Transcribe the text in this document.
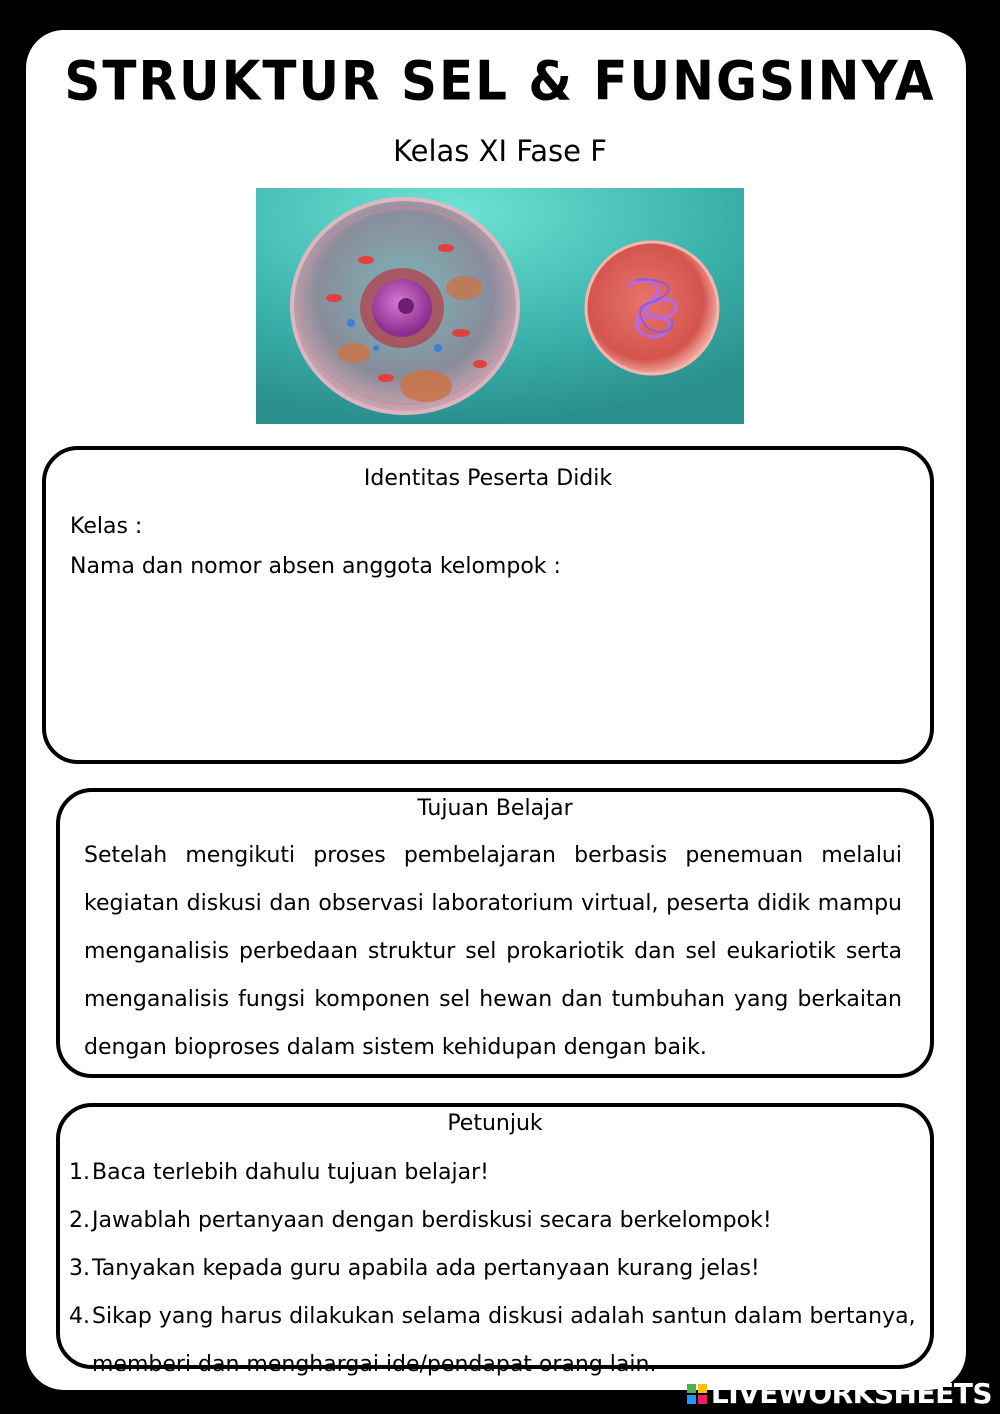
STRUKTUR SEL & FUNGSINYA
Kelas XI Fase F
Identitas Peserta Didik
Kelas :
Nama dan nomor absen anggota kelompok :
Tujuan Belajar
Setelah mengikuti proses pembelajaran berbasis penemuan melalui kegiatan diskusi dan observasi laboratorium virtual, peserta didik mampu menganalisis perbedaan struktur sel prokariotik dan sel eukariotik serta menganalisis fungsi komponen sel hewan dan tumbuhan yang berkaitan dengan bioproses dalam sistem kehidupan dengan baik.
Petunjuk
1. Baca terlebih dahulu tujuan belajar!
2. Jawablah pertanyaan dengan berdiskusi secara berkelompok!
3. Tanyakan kepada guru apabila ada pertanyaan kurang jelas!
4. Sikap yang harus dilakukan selama diskusi adalah santun dalam bertanya,
memberi dan menghargai ide/pendapat orang lain.
LIVEWORKSHEETS
